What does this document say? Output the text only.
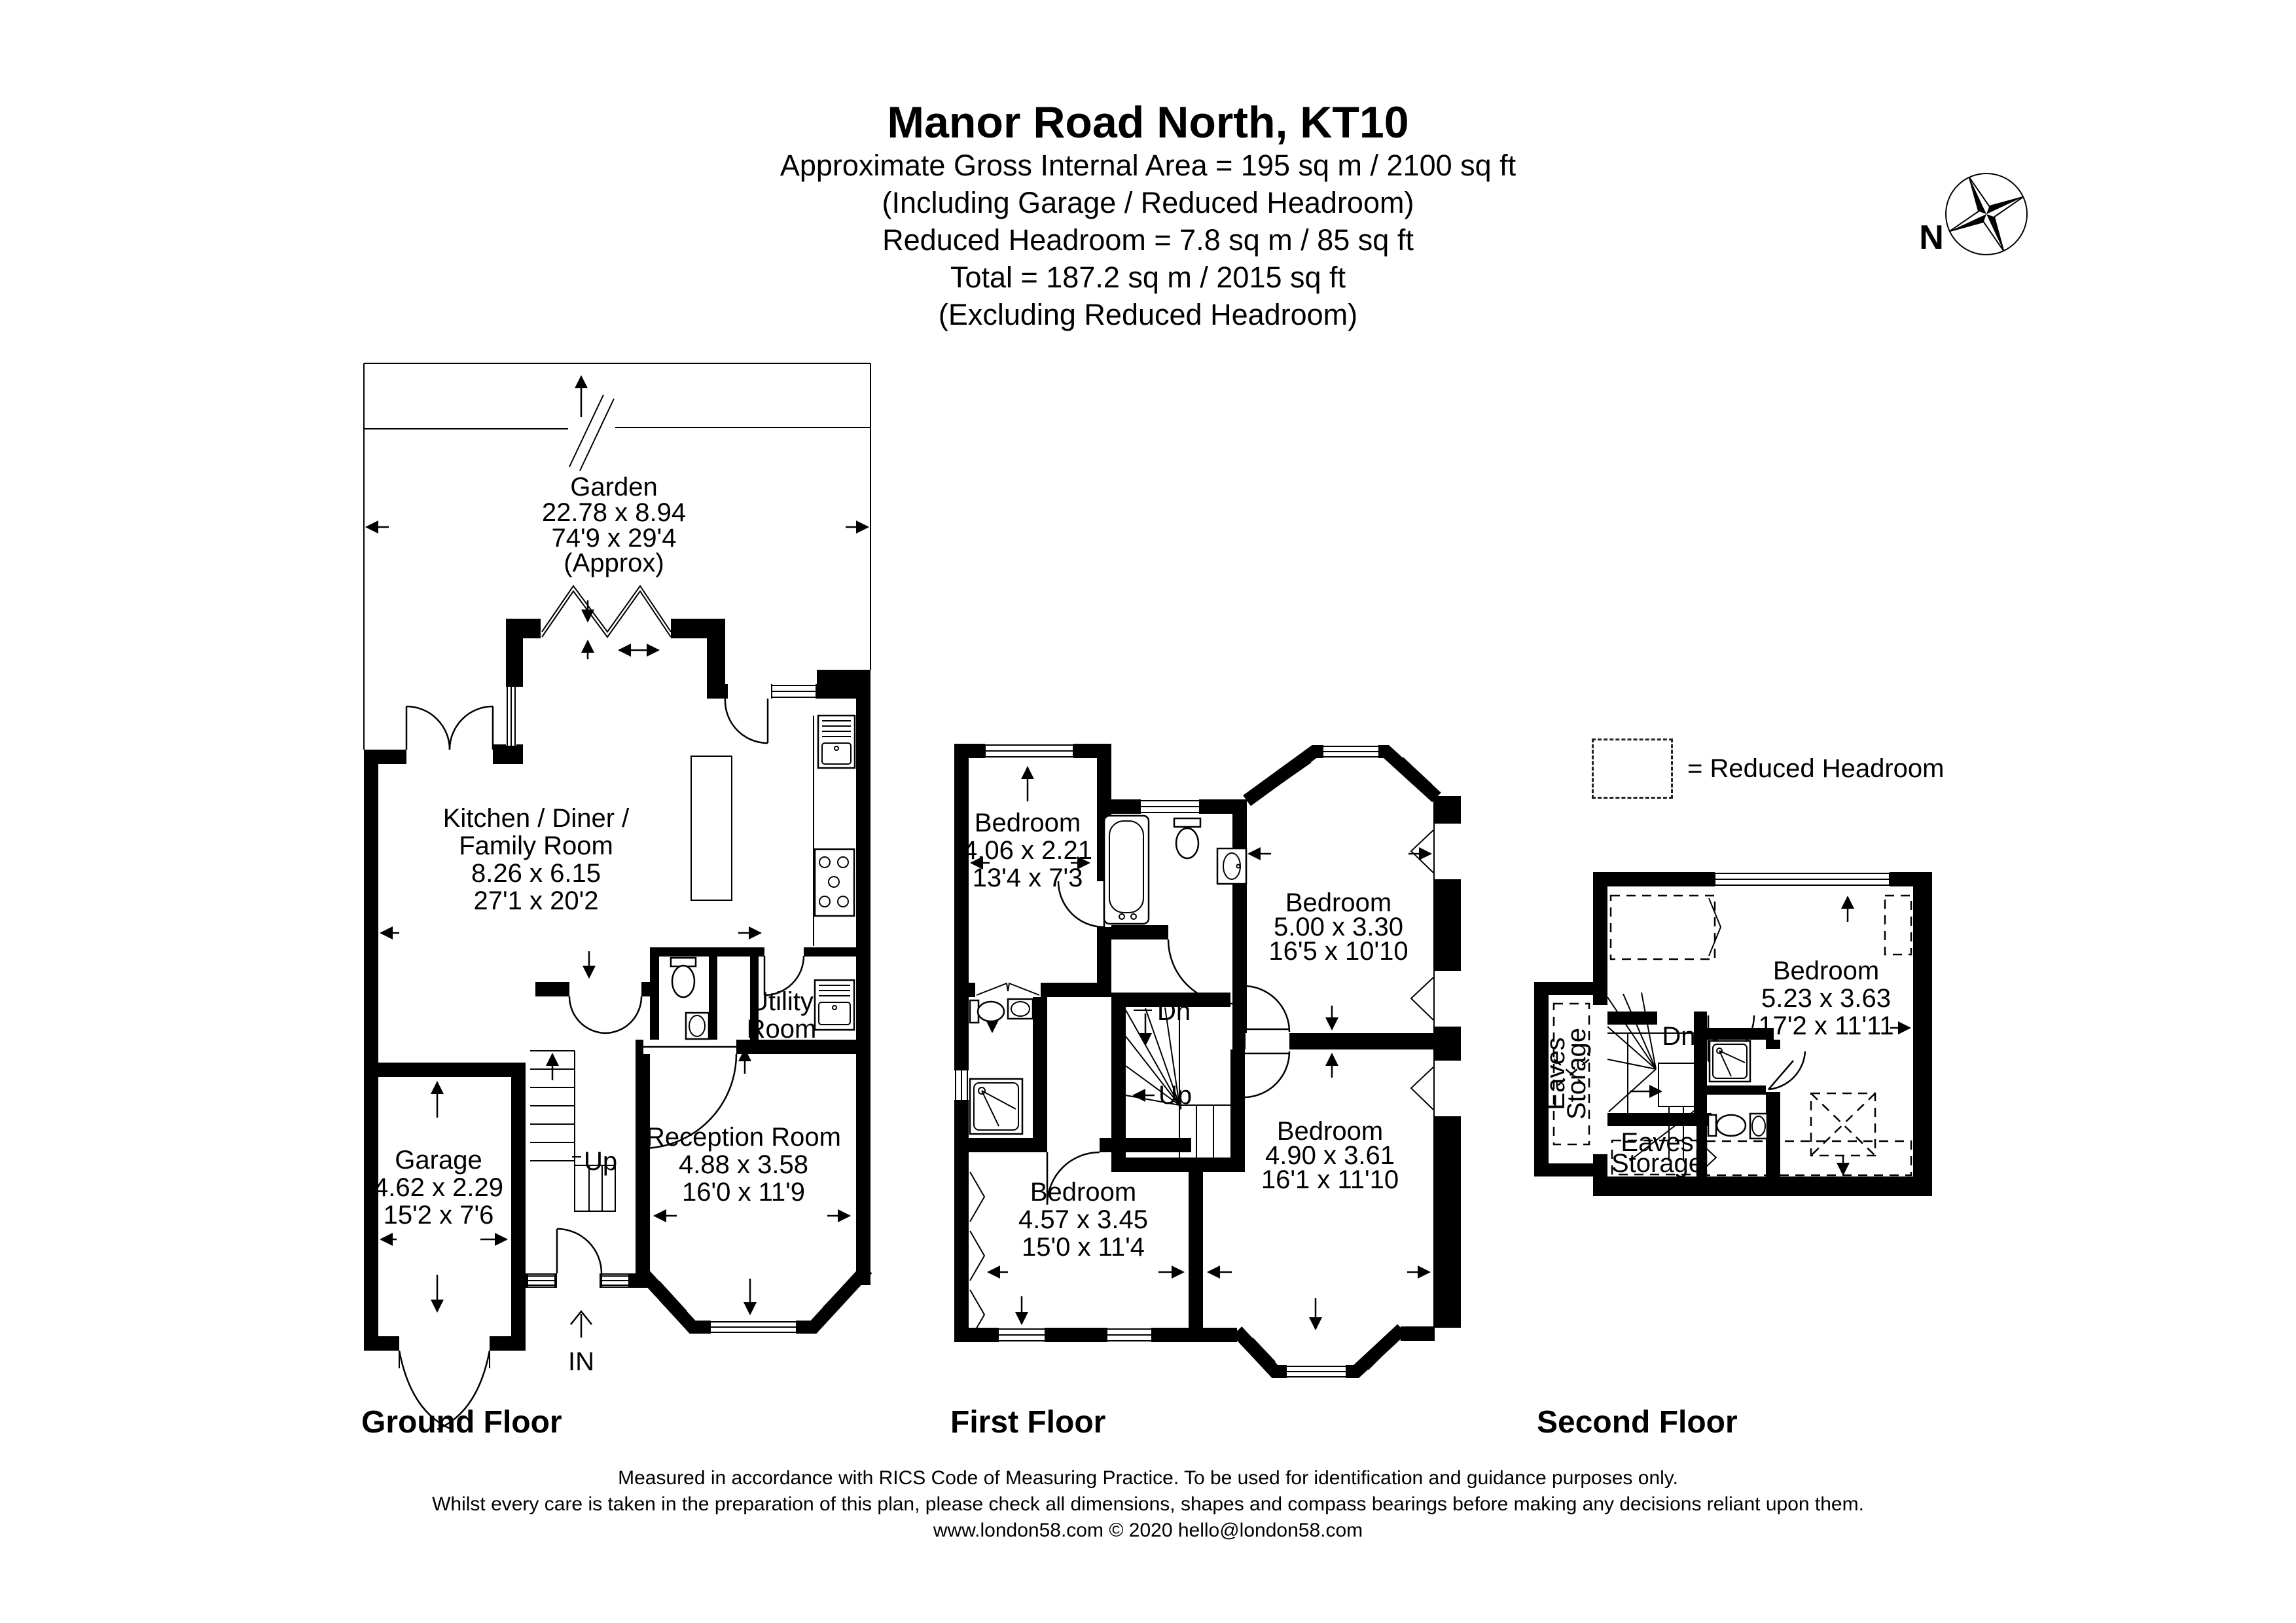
Manor Road North, KT10
Approximate Gross Internal Area = 195 sq m / 2100 sq ft
(Including Garage / Reduced Headroom)
Reduced Headroom = 7.8 sq m / 85 sq ft
Total = 187.2 sq m / 2015 sq ft
(Excluding Reduced Headroom)
N
= Reduced Headroom
Garden
22.78 x 8.94
74'9 x 29'4
(Approx)
Kitchen / Diner /
Family Room
8.26 x 6.15
27'1 x 20'2
Utility
Room
Garage
4.62 x 2.29
15'2 x 7'6
Up
IN
Reception Room
4.88 x 3.58
16'0 x 11'9
Bedroom
4.06 x 2.21
13'4 x 7'3
Bedroom
5.00 x 3.30
16'5 x 10'10
Dn
Up
Bedroom
4.57 x 3.45
15'0 x 11'4
Bedroom
4.90 x 3.61
16'1 x 11'10
Bedroom
5.23 x 3.63
17'2 x 11'11
Dn
Eaves
Storage
Eaves
Storage
Ground Floor	First Floor	Second Floor
Measured in accordance with RICS Code of Measuring Practice. To be used for identification and guidance purposes only.
Whilst every care is taken in the preparation of this plan, please check all dimensions, shapes and compass bearings before making any decisions reliant upon them.
www.london58.com © 2020 hello@london58.com
